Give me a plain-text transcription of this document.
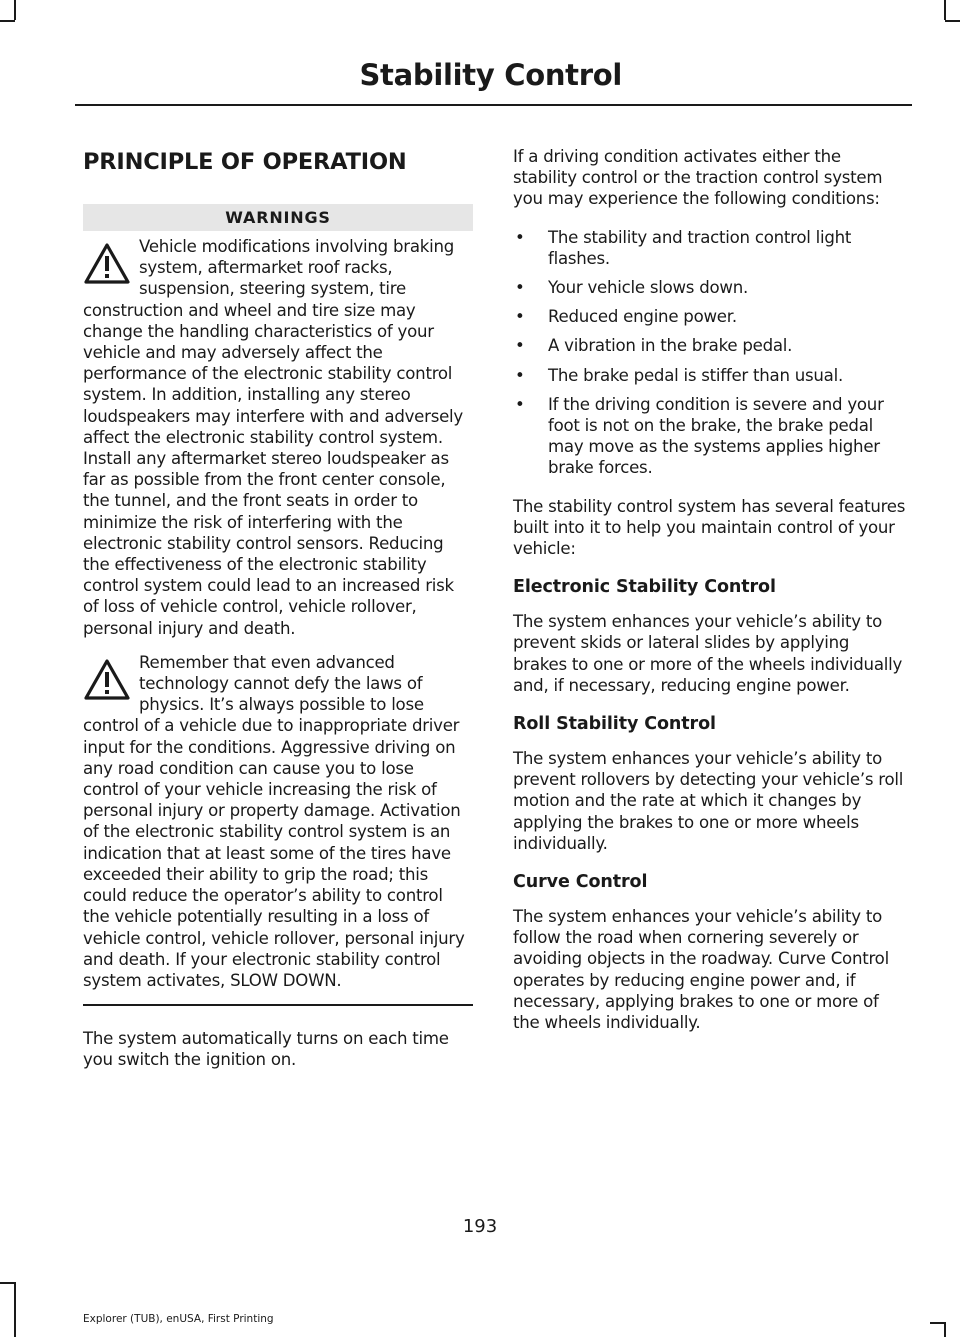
Stability Control
PRINCIPLE OF OPERATION
WARNINGS

Vehicle modifications involving braking system, aftermarket roof racks, suspension, steering system, tire construction and wheel and tire size may change the handling characteristics of your vehicle and may adversely affect the performance of the electronic stability control system. In addition, installing any stereo loudspeakers may interfere with and adversely affect the electronic stability control system. Install any aftermarket stereo loudspeaker as far as possible from the front center console, the tunnel, and the front seats in order to minimize the risk of interfering with the electronic stability control sensors. Reducing the effectiveness of the electronic stability control system could lead to an increased risk of loss of vehicle control, vehicle rollover, personal injury and death.

Remember that even advanced technology cannot defy the laws of physics. It’s always possible to lose control of a vehicle due to inappropriate driver input for the conditions. Aggressive driving on any road condition can cause you to lose control of your vehicle increasing the risk of personal injury or property damage. Activation of the electronic stability control system is an indication that at least some of the tires have exceeded their ability to grip the road; this could reduce the operator’s ability to control the vehicle potentially resulting in a loss of vehicle control, vehicle rollover, personal injury and death. If your electronic stability control system activates, SLOW DOWN.

The system automatically turns on each time you switch the ignition on.

If a driving condition activates either the stability control or the traction control system you may experience the following conditions:

• The stability and traction control light flashes.
• Your vehicle slows down.
• Reduced engine power.
• A vibration in the brake pedal.
• The brake pedal is stiffer than usual.
• If the driving condition is severe and your foot is not on the brake, the brake pedal may move as the systems applies higher brake forces.

The stability control system has several features built into it to help you maintain control of your vehicle:

Electronic Stability Control

The system enhances your vehicle’s ability to prevent skids or lateral slides by applying brakes to one or more of the wheels individually and, if necessary, reducing engine power.

Roll Stability Control

The system enhances your vehicle’s ability to prevent rollovers by detecting your vehicle’s roll motion and the rate at which it changes by applying the brakes to one or more wheels individually.

Curve Control

The system enhances your vehicle’s ability to follow the road when cornering severely or avoiding objects in the roadway. Curve Control operates by reducing engine power and, if necessary, applying brakes to one or more of the wheels individually.

193
Explorer (TUB), enUSA, First Printing
